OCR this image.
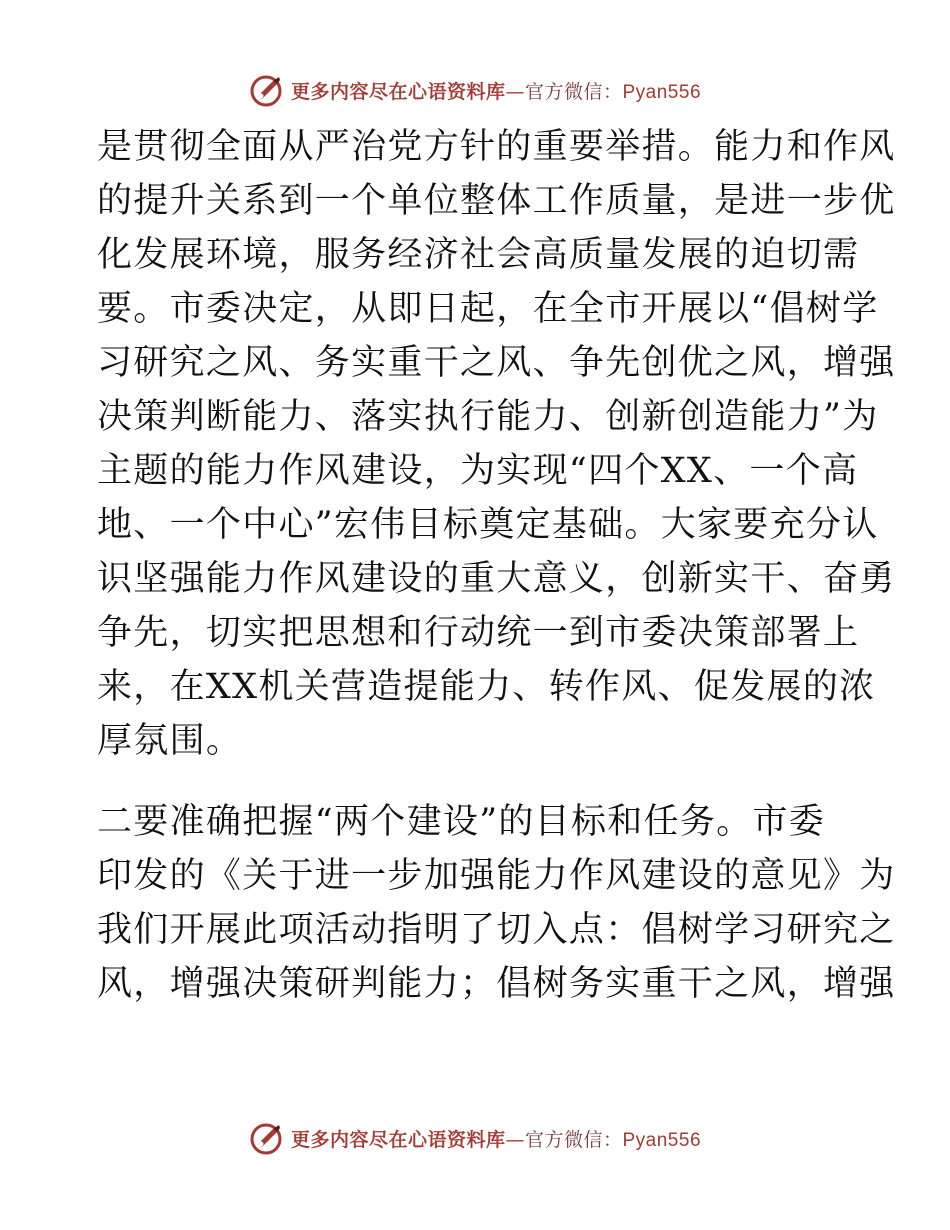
更多内容尽在心语资料库—官方微信：Pyan556
是贯彻全面从严治党方针的重要举措。能力和作风
的提升关系到一个单位整体工作质量，是进一步优
化发展环境，服务经济社会高质量发展的迫切需
要。市委决定，从即日起，在全市开展以“倡树学
习研究之风、务实重干之风、争先创优之风，增强
决策判断能力、落实执行能力、创新创造能力”为
主题的能力作风建设，为实现“四个XX、一个高
地、一个中心”宏伟目标奠定基础。大家要充分认
识坚强能力作风建设的重大意义，创新实干、奋勇
争先，切实把思想和行动统一到市委决策部署上
来，在XX机关营造提能力、转作风、促发展的浓
厚氛围。
二要准确把握“两个建设”的目标和任务。市委
印发的《关于进一步加强能力作风建设的意见》为
我们开展此项活动指明了切入点：倡树学习研究之
风，增强决策研判能力；倡树务实重干之风，增强
更多内容尽在心语资料库—官方微信：Pyan556
